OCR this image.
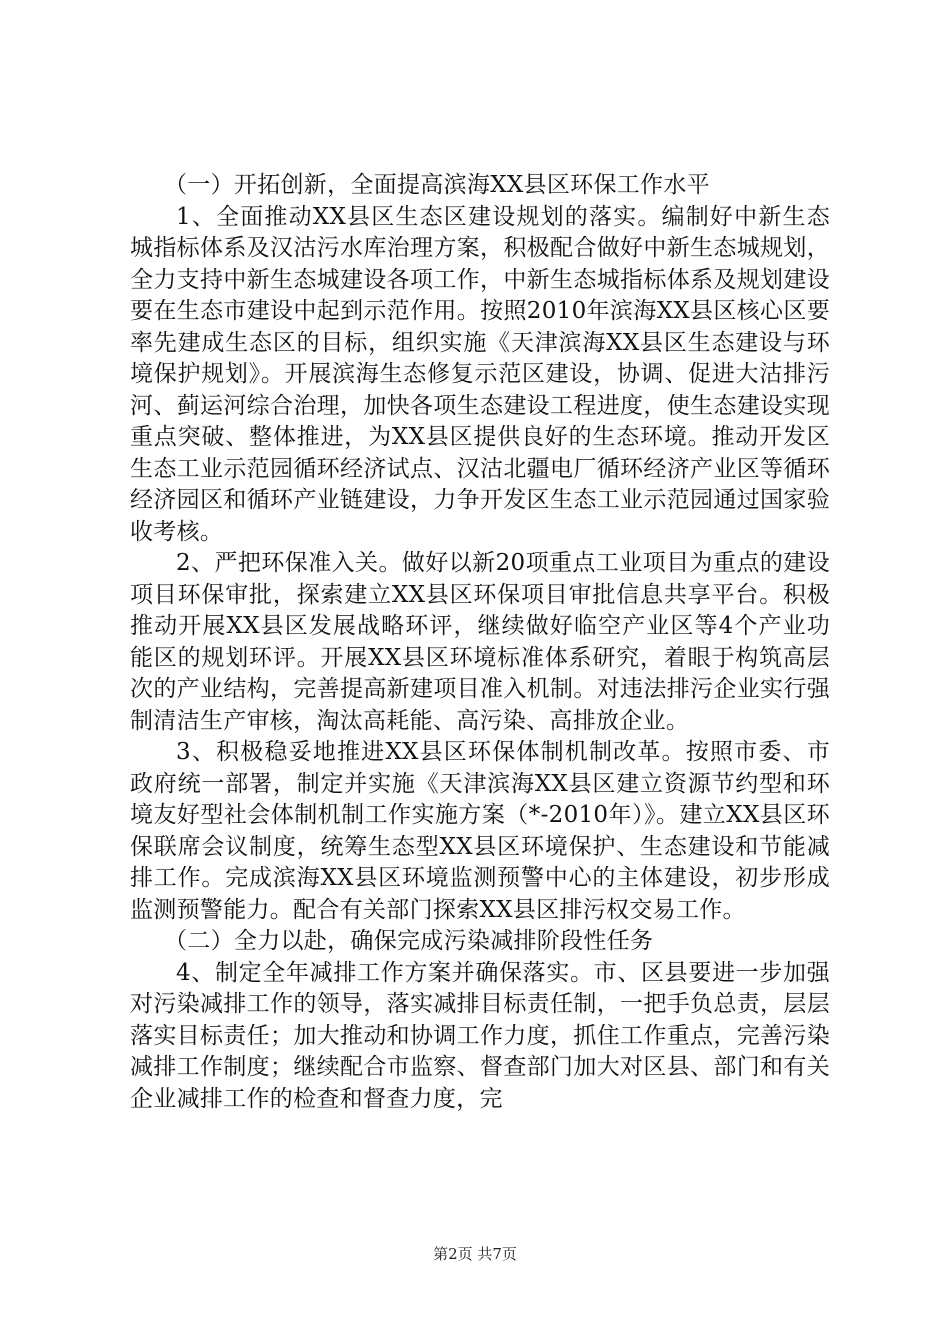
（一）开拓创新，全面提高滨海XX县区环保工作水平

1、全面推动XX县区生态区建设规划的落实。编制好中新生态城指标体系及汉沽污水库治理方案，积极配合做好中新生态城规划，全力支持中新生态城建设各项工作，中新生态城指标体系及规划建设要在生态市建设中起到示范作用。按照2010年滨海XX县区核心区要率先建成生态区的目标，组织实施《天津滨海XX县区生态建设与环境保护规划》。开展滨海生态修复示范区建设，协调、促进大沽排污河、蓟运河综合治理，加快各项生态建设工程进度，使生态建设实现重点突破、整体推进，为XX县区提供良好的生态环境。推动开发区生态工业示范园循环经济试点、汉沽北疆电厂循环经济产业区等循环经济园区和循环产业链建设，力争开发区生态工业示范园通过国家验收考核。

2、严把环保准入关。做好以新20项重点工业项目为重点的建设项目环保审批，探索建立XX县区环保项目审批信息共享平台。积极推动开展XX县区发展战略环评，继续做好临空产业区等4个产业功能区的规划环评。开展XX县区环境标准体系研究，着眼于构筑高层次的产业结构，完善提高新建项目准入机制。对违法排污企业实行强制清洁生产审核，淘汰高耗能、高污染、高排放企业。

3、积极稳妥地推进XX县区环保体制机制改革。按照市委、市政府统一部署，制定并实施《天津滨海XX县区建立资源节约型和环境友好型社会体制机制工作实施方案（*-2010年）》。建立XX县区环保联席会议制度，统筹生态型XX县区环境保护、生态建设和节能减排工作。完成滨海XX县区环境监测预警中心的主体建设，初步形成监测预警能力。配合有关部门探索XX县区排污权交易工作。

（二）全力以赴，确保完成污染减排阶段性任务

4、制定全年减排工作方案并确保落实。市、区县要进一步加强对污染减排工作的领导，落实减排目标责任制，一把手负总责，层层落实目标责任；加大推动和协调工作力度，抓住工作重点，完善污染减排工作制度；继续配合市监察、督查部门加大对区县、部门和有关企业减排工作的检查和督查力度，完

第2页 共7页
